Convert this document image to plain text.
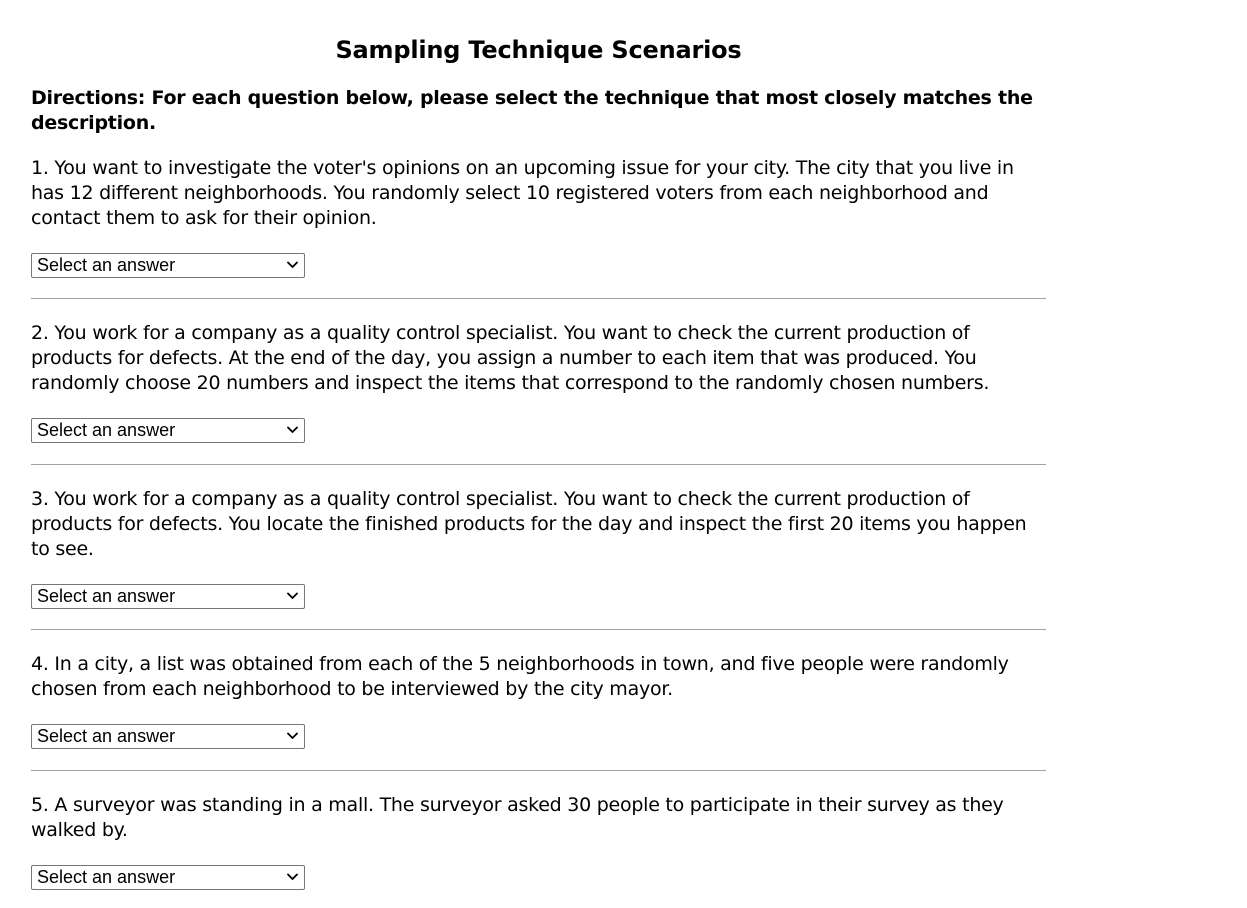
Sampling Technique Scenarios

Directions: For each question below, please select the technique that most closely matches the description.

1. You want to investigate the voter's opinions on an upcoming issue for your city. The city that you live in has 12 different neighborhoods. You randomly select 10 registered voters from each neighborhood and contact them to ask for their opinion.

Select an answer

2. You work for a company as a quality control specialist. You want to check the current production of products for defects. At the end of the day, you assign a number to each item that was produced. You randomly choose 20 numbers and inspect the items that correspond to the randomly chosen numbers.

Select an answer

3. You work for a company as a quality control specialist. You want to check the current production of products for defects. You locate the finished products for the day and inspect the first 20 items you happen to see.

Select an answer

4. In a city, a list was obtained from each of the 5 neighborhoods in town, and five people were randomly chosen from each neighborhood to be interviewed by the city mayor.

Select an answer

5. A surveyor was standing in a mall. The surveyor asked 30 people to participate in their survey as they walked by.

Select an answer
